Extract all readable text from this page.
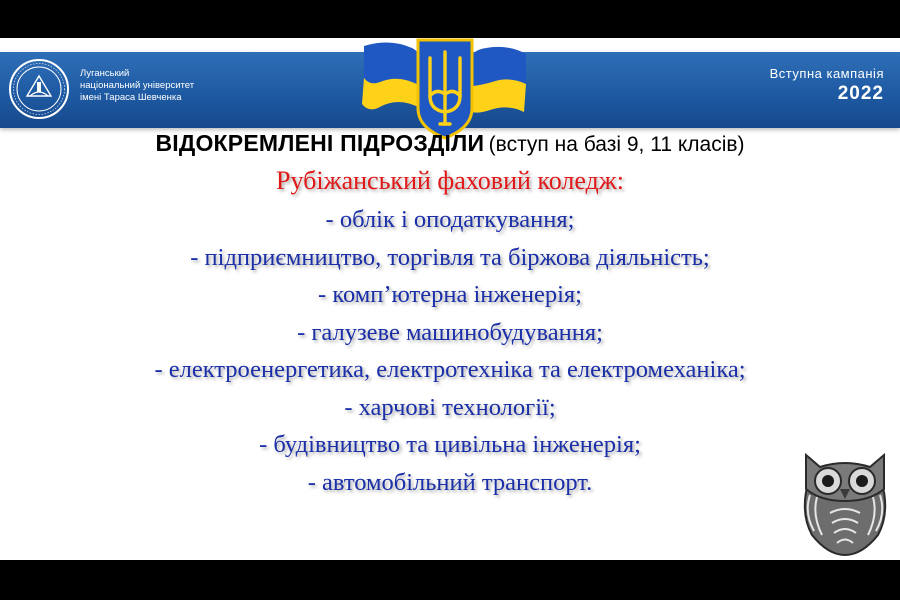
Луганський
національний університет
імені Тараса Шевченка
Вступна кампанія
2022
ВІДОКРЕМЛЕНІ ПІДРОЗДІЛИ (вступ на базі 9, 11 класів)
Рубіжанський фаховий коледж:
- облік і оподаткування;
- підприємництво, торгівля та біржова діяльність;
- комп’ютерна інженерія;
- галузеве машинобудування;
- електроенергетика, електротехніка та електромеханіка;
- харчові технології;
- будівництво та цивільна інженерія;
- автомобільний транспорт.
